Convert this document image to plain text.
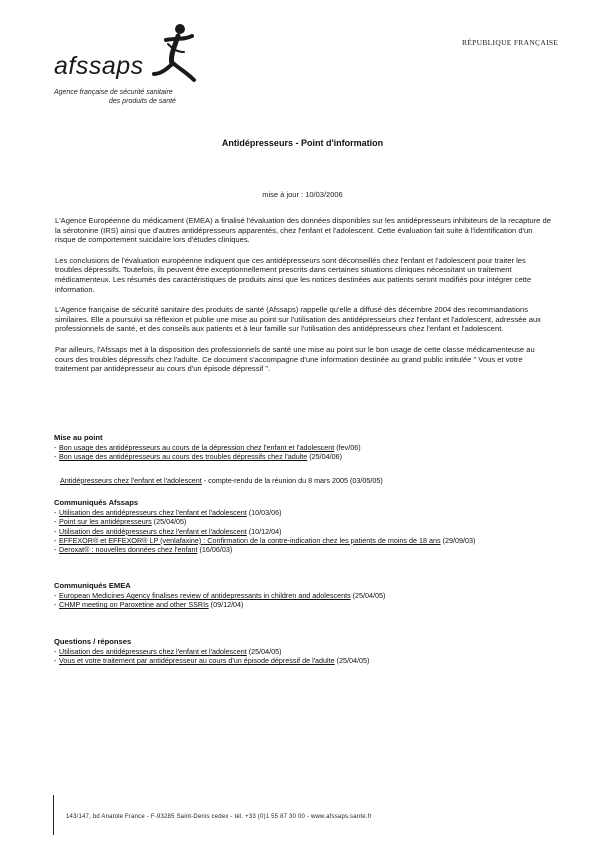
afssaps
Agence française de sécurité sanitaire
des produits de santé
RÉPUBLIQUE FRANÇAISE
Antidépresseurs - Point d'information
mise à jour : 10/03/2006

L'Agence Européenne du médicament (EMEA) a finalisé l'évaluation des données disponibles sur les antidépresseurs inhibiteurs de la recapture de la sérotonine (IRS) ainsi que d'autres antidépresseurs apparentés, chez l'enfant et l'adolescent. Cette évaluation fait suite à l'identification d'un risque de comportement suicidaire lors d'études cliniques.

Les conclusions de l'évaluation européenne indiquent que ces antidépresseurs sont déconseillés chez l'enfant et l'adolescent pour traiter les troubles dépressifs. Toutefois, ils peuvent être exceptionnellement prescrits dans certaines situations cliniques nécessitant un traitement médicamenteux. Les résumés des caractéristiques de produits ainsi que les notices destinées aux patients seront modifiés pour intégrer cette information.

L'Agence française de sécurité sanitaire des produits de santé (Afssaps) rappelle qu'elle a diffusé dès décembre 2004 des recommandations similaires. Elle a poursuivi sa réflexion et publie une mise au point sur l'utilisation des antidépresseurs chez l'enfant et l'adolescent, adressée aux professionnels de santé, et des conseils aux patients et à leur famille sur l'utilisation des antidépresseurs chez l'enfant et l'adolescent.

Par ailleurs, l'Afssaps met à la disposition des professionnels de santé une mise au point sur le bon usage de cette classe médicamenteuse au cours des troubles dépressifs chez l'adulte. Ce document s'accompagne d'une information destinée au grand public intitulée " Vous et votre traitement par antidépresseur au cours d'un épisode dépressif ".

Mise au point
- Bon usage des antidépresseurs au cours de la dépression chez l'enfant et l'adolescent (fev/06)
- Bon usage des antidépresseurs au cours des troubles dépressifs chez l'adulte (25/04/06)
Antidépresseurs chez l'enfant et l'adolescent - compte-rendu de la réunion du 8 mars 2005 (03/05/05)
Communiqués Afssaps
- Utilisation des antidépresseurs chez l'enfant et l'adolescent (10/03/06)
- Point sur les antidépresseurs (25/04/05)
- Utilisation des antidépresseurs chez l'enfant et l'adolescent (10/12/04)
- EFFEXOR® et EFFEXOR® LP (venlafaxine) : Confirmation de la contre-indication chez les patients de moins de 18 ans (29/09/03)
- Deroxat® : nouvelles données chez l'enfant (16/06/03)
Communiqués EMEA
- European Medicines Agency finalises review of antidepressants in children and adolescents (25/04/05)
- CHMP meeting on Paroxetine and other SSRIs (09/12/04)
Questions / réponses
- Utilisation des antidépresseurs chez l'enfant et l'adolescent (25/04/05)
- Vous et votre traitement par antidépresseur au cours d'un épisode dépressif de l'adulte (25/04/05)
143/147, bd Anatole France - F-93285 Saint-Denis cedex - tél. +33 (0)1 55 87 30 00 - www.afssaps.sante.fr
